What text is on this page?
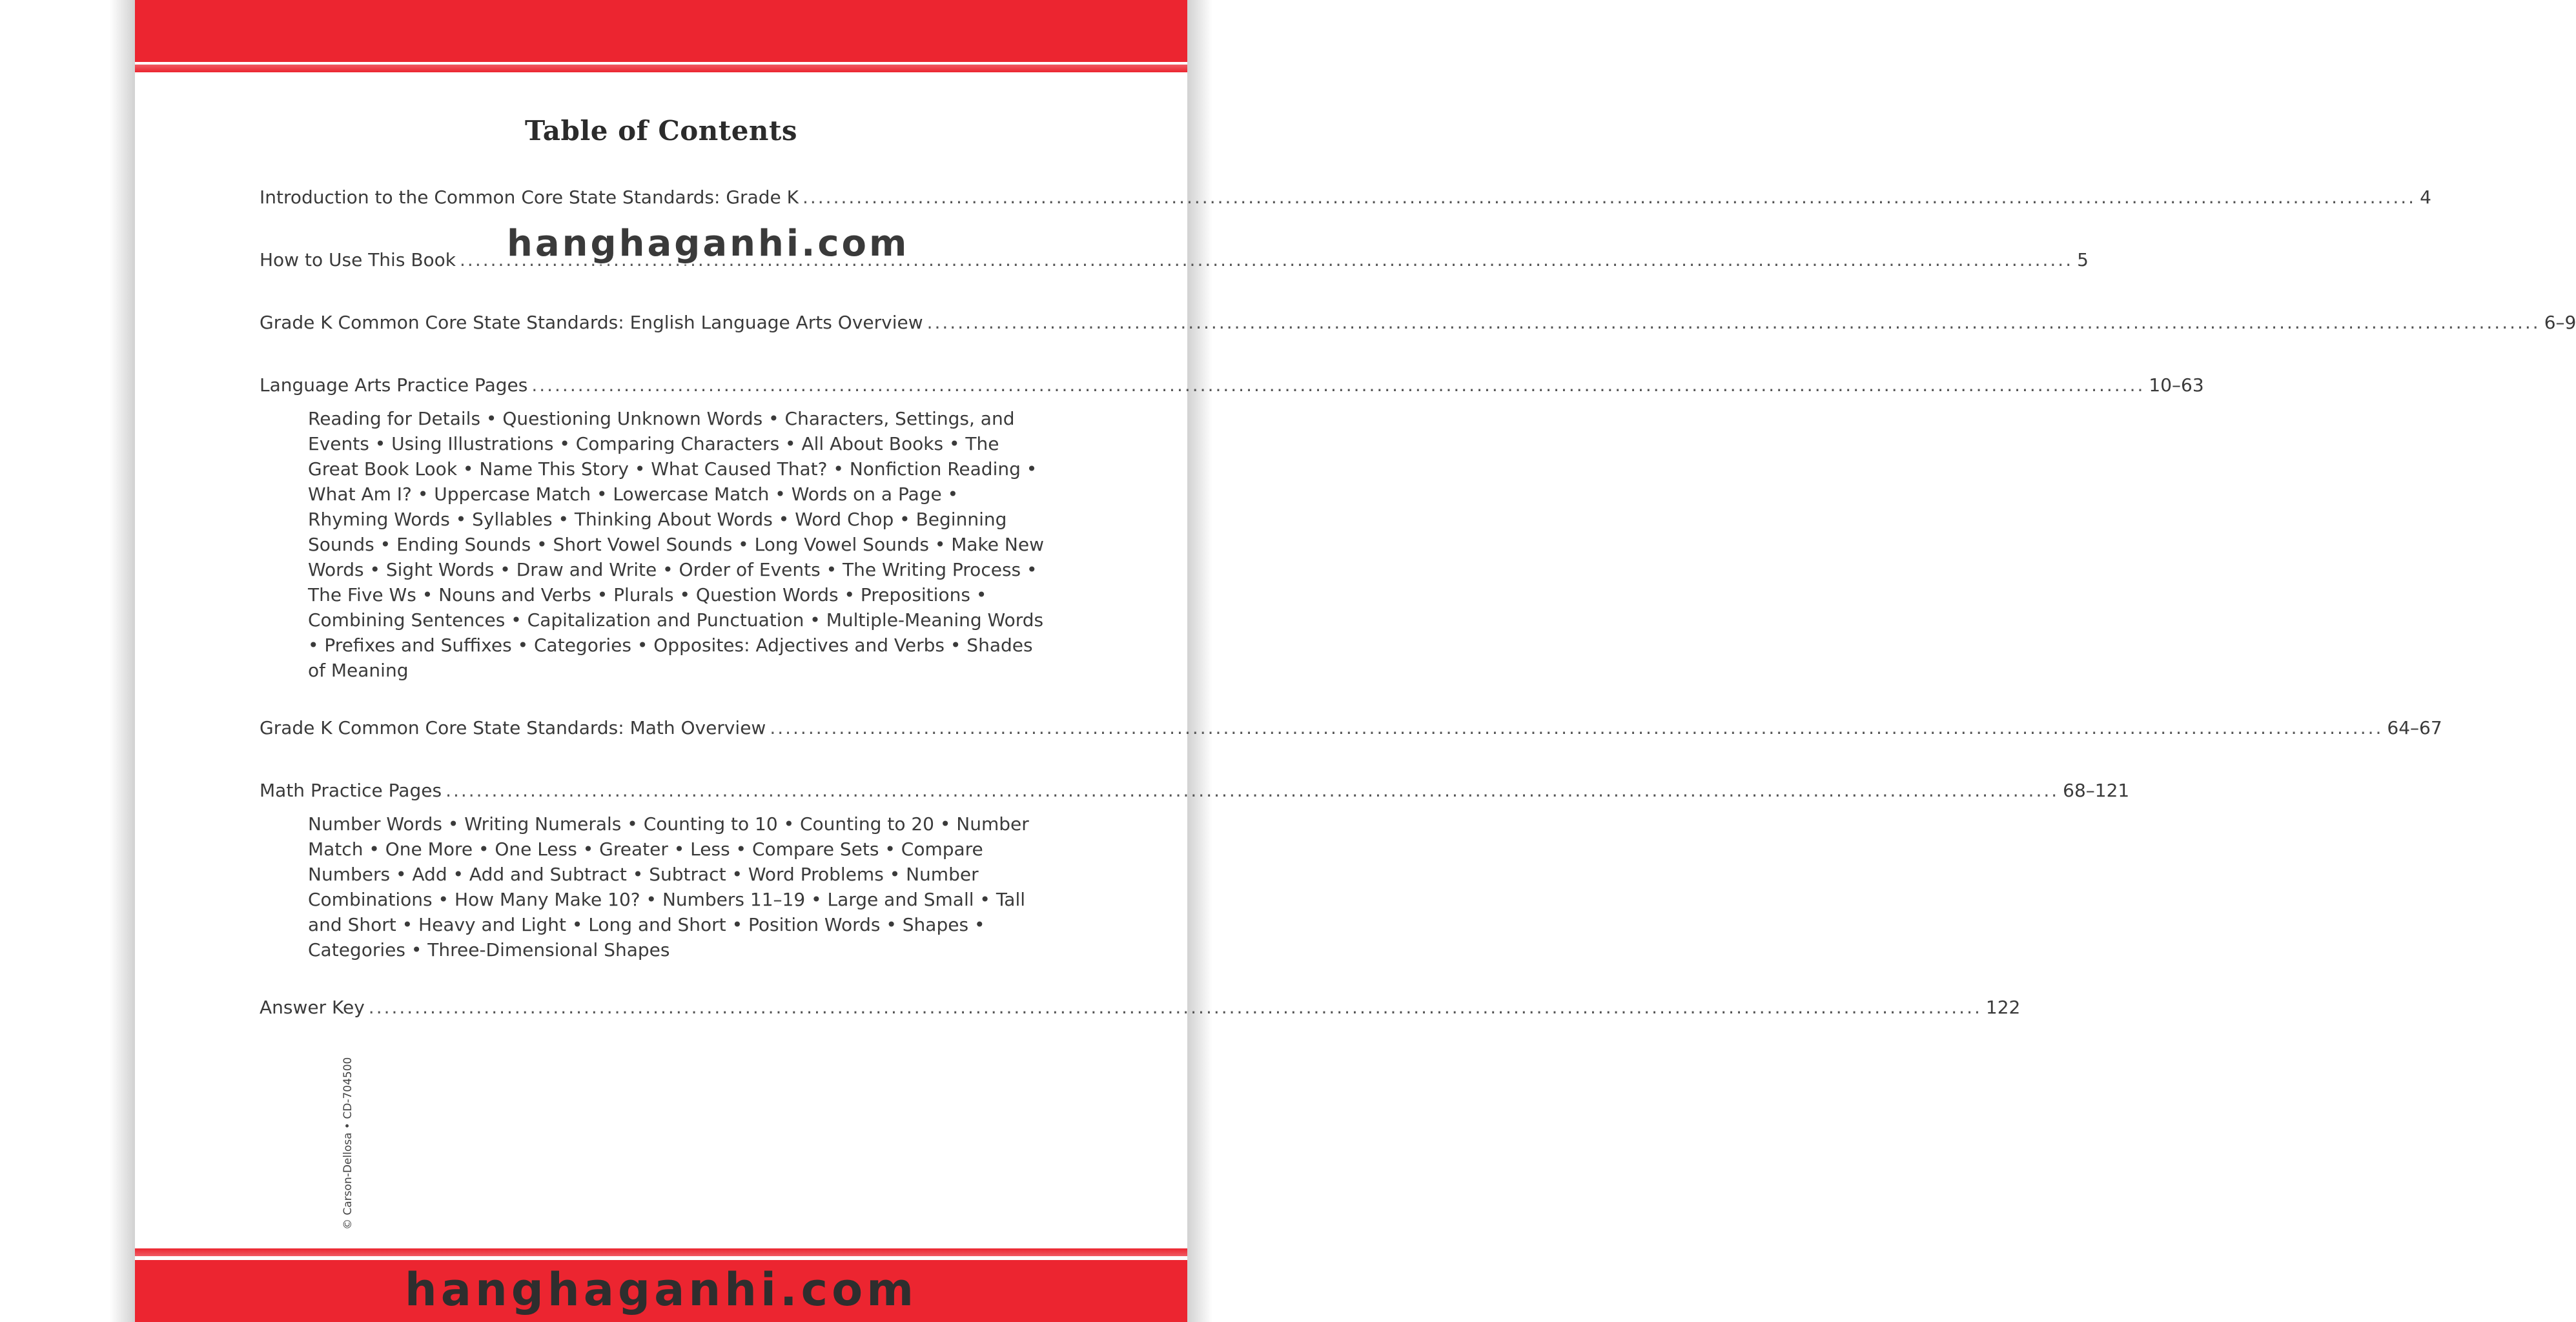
Table of Contents
Introduction to the Common Core State Standards: Grade K .....	4
How to Use This Book .....	5
Grade K Common Core State Standards: English Language Arts Overview .....	6–9
Language Arts Practice Pages .....	10–63
Reading for Details • Questioning Unknown Words • Characters, Settings, and Events • Using Illustrations • Comparing Characters • All About Books • The Great Book Look • Name This Story • What Caused That? • Nonfiction Reading • What Am I? • Uppercase Match • Lowercase Match • Words on a Page • Rhyming Words • Syllables • Thinking About Words • Word Chop • Beginning Sounds • Ending Sounds • Short Vowel Sounds • Long Vowel Sounds • Make New Words • Sight Words • Draw and Write • Order of Events • The Writing Process • The Five Ws • Nouns and Verbs • Plurals • Question Words • Prepositions • Combining Sentences • Capitalization and Punctuation • Multiple-Meaning Words • Prefixes and Suffixes • Categories • Opposites: Adjectives and Verbs • Shades of Meaning
Grade K Common Core State Standards: Math Overview .....	64–67
Math Practice Pages .....	68–121
Number Words • Writing Numerals • Counting to 10 • Counting to 20 • Number Match • One More • One Less • Greater • Less • Compare Sets • Compare Numbers • Add • Add and Subtract • Subtract • Word Problems • Number Combinations • How Many Make 10? • Numbers 11–19 • Large and Small • Tall and Short • Heavy and Light • Long and Short • Position Words • Shapes • Categories • Three-Dimensional Shapes
Answer Key .....	122
© Carson-Dellosa • CD-704500
hanghaganhi.com
hanghaganhi.com
